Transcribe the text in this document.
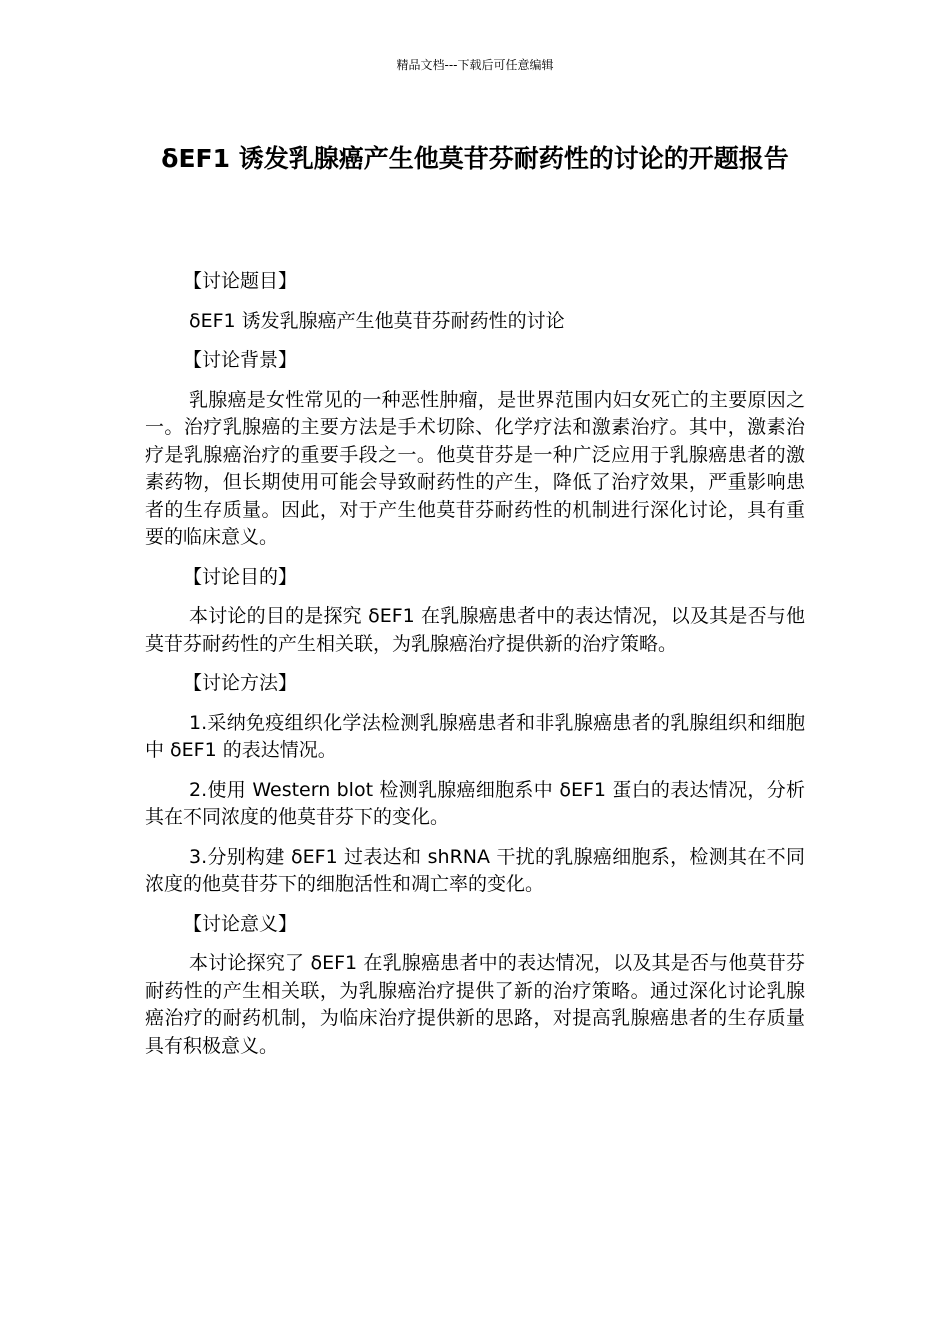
精品文档---下载后可任意编辑
δEF1 诱发乳腺癌产生他莫苷芬耐药性的讨论的开题报告

【讨论题目】

δEF1 诱发乳腺癌产生他莫苷芬耐药性的讨论

【讨论背景】

乳腺癌是女性常见的一种恶性肿瘤，是世界范围内妇女死亡的主要原因之一。治疗乳腺癌的主要方法是手术切除、化学疗法和激素治疗。其中，激素治疗是乳腺癌治疗的重要手段之一。他莫苷芬是一种广泛应用于乳腺癌患者的激素药物，但长期使用可能会导致耐药性的产生，降低了治疗效果，严重影响患者的生存质量。因此，对于产生他莫苷芬耐药性的机制进行深化讨论，具有重要的临床意义。

【讨论目的】

本讨论的目的是探究 δEF1 在乳腺癌患者中的表达情况，以及其是否与他莫苷芬耐药性的产生相关联，为乳腺癌治疗提供新的治疗策略。

【讨论方法】

1.采纳免疫组织化学法检测乳腺癌患者和非乳腺癌患者的乳腺组织和细胞中 δEF1 的表达情况。

2.使用 Western blot 检测乳腺癌细胞系中 δEF1 蛋白的表达情况，分析其在不同浓度的他莫苷芬下的变化。

3.分别构建 δEF1 过表达和 shRNA 干扰的乳腺癌细胞系，检测其在不同浓度的他莫苷芬下的细胞活性和凋亡率的变化。

【讨论意义】

本讨论探究了 δEF1 在乳腺癌患者中的表达情况，以及其是否与他莫苷芬耐药性的产生相关联，为乳腺癌治疗提供了新的治疗策略。通过深化讨论乳腺癌治疗的耐药机制，为临床治疗提供新的思路，对提高乳腺癌患者的生存质量具有积极意义。
